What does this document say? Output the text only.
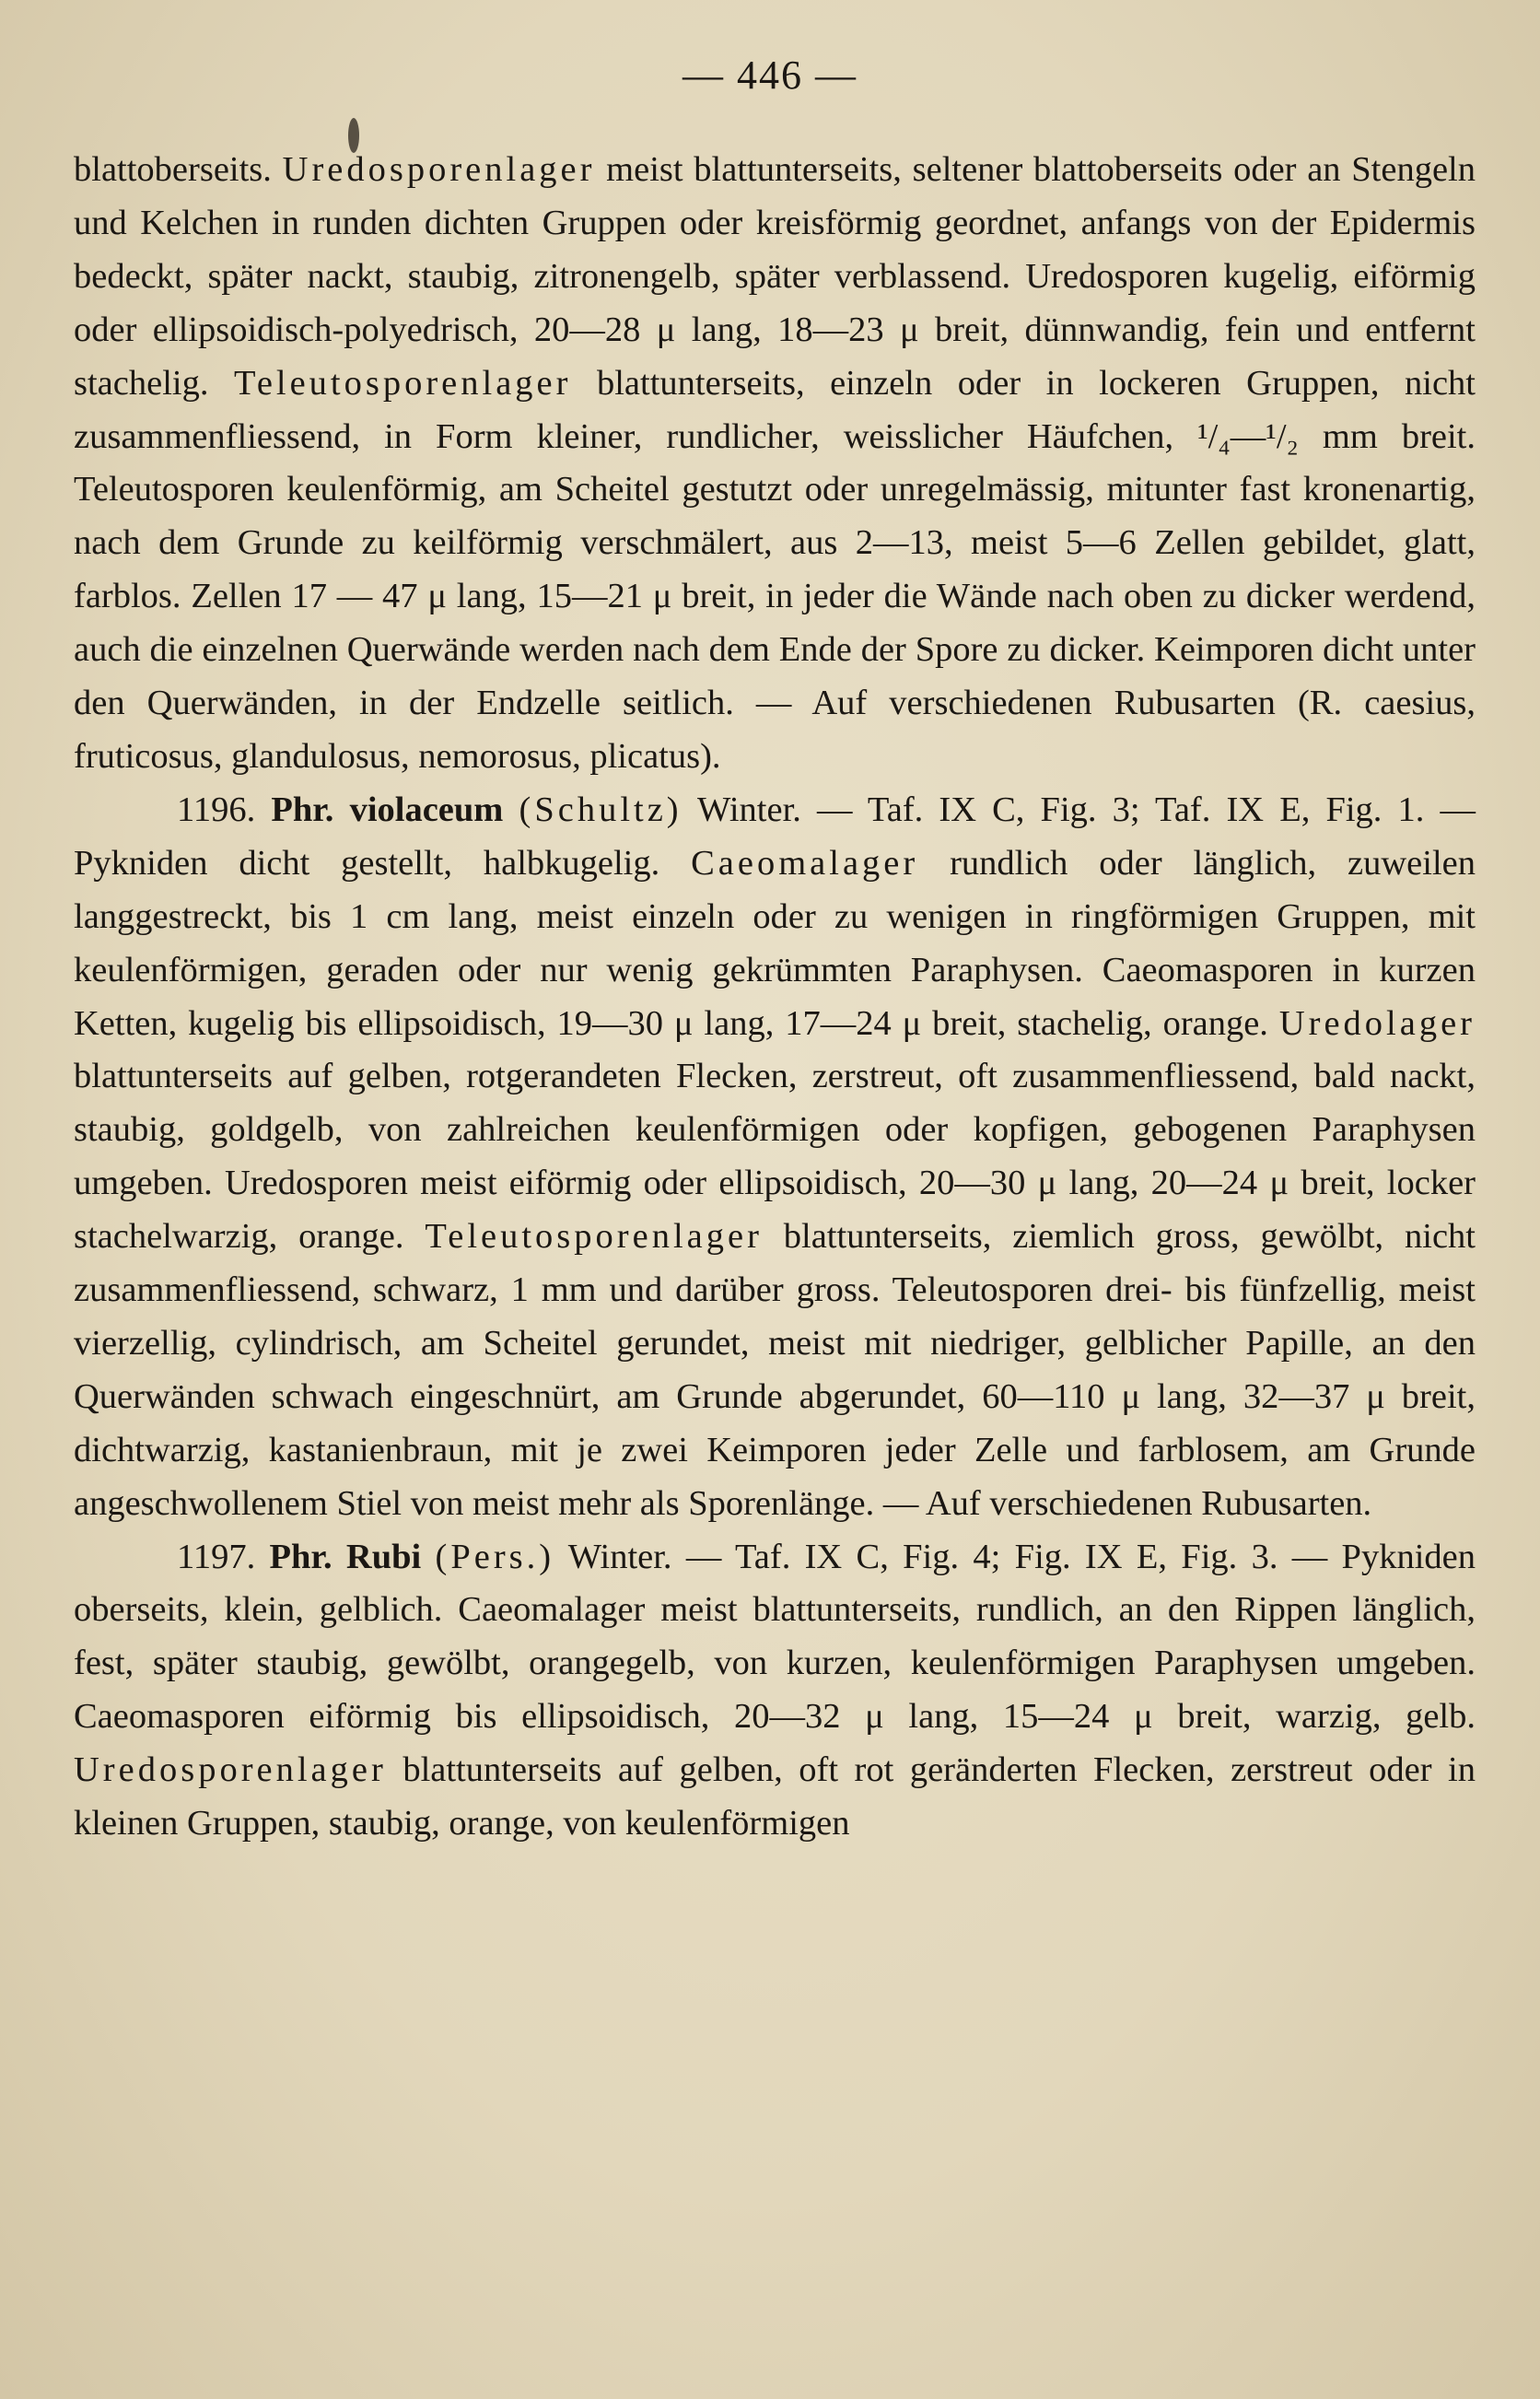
— 446 —

blattoberseits. Uredosporenlager meist blattunterseits, seltener blattoberseits oder an Stengeln und Kelchen in runden dichten Gruppen oder kreisförmig geordnet, anfangs von der Epidermis bedeckt, später nackt, staubig, zitronengelb, später verblassend. Uredosporen kugelig, eiförmig oder ellipsoidisch-polyedrisch, 20—28 μ lang, 18—23 μ breit, dünnwandig, fein und entfernt stachelig. Teleutosporenlager blattunterseits, einzeln oder in lockeren Gruppen, nicht zusammenfliessend, in Form kleiner, rundlicher, weisslicher Häufchen, ¹/₄—¹/₂ mm breit. Teleutosporen keulenförmig, am Scheitel gestutzt oder unregelmässig, mitunter fast kronenartig, nach dem Grunde zu keilförmig verschmälert, aus 2—13, meist 5—6 Zellen gebildet, glatt, farblos. Zellen 17 — 47 μ lang, 15—21 μ breit, in jeder die Wände nach oben zu dicker werdend, auch die einzelnen Querwände werden nach dem Ende der Spore zu dicker. Keimporen dicht unter den Querwänden, in der Endzelle seitlich. — Auf verschiedenen Rubusarten (R. caesius, fruticosus, glandulosus, nemorosus, plicatus).

1196. Phr. violaceum (Schultz) Winter. — Taf. IX C, Fig. 3; Taf. IX E, Fig. 1. — Pykniden dicht gestellt, halbkugelig. Caeomalager rundlich oder länglich, zuweilen langgestreckt, bis 1 cm lang, meist einzeln oder zu wenigen in ringförmigen Gruppen, mit keulenförmigen, geraden oder nur wenig gekrümmten Paraphysen. Caeomasporen in kurzen Ketten, kugelig bis ellipsoidisch, 19—30 μ lang, 17—24 μ breit, stachelig, orange. Uredolager blattunterseits auf gelben, rotgerandeten Flecken, zerstreut, oft zusammenfliessend, bald nackt, staubig, goldgelb, von zahlreichen keulenförmigen oder kopfigen, gebogenen Paraphysen umgeben. Uredosporen meist eiförmig oder ellipsoidisch, 20—30 μ lang, 20—24 μ breit, locker stachelwarzig, orange. Teleutosporenlager blattunterseits, ziemlich gross, gewölbt, nicht zusammenfliessend, schwarz, 1 mm und darüber gross. Teleutosporen drei- bis fünfzellig, meist vierzellig, cylindrisch, am Scheitel gerundet, meist mit niedriger, gelblicher Papille, an den Querwänden schwach eingeschnürt, am Grunde abgerundet, 60—110 μ lang, 32—37 μ breit, dichtwarzig, kastanienbraun, mit je zwei Keimporen jeder Zelle und farblosem, am Grunde angeschwollenem Stiel von meist mehr als Sporenlänge. — Auf verschiedenen Rubusarten.

1197. Phr. Rubi (Pers.) Winter. — Taf. IX C, Fig. 4; Fig. IX E, Fig. 3. — Pykniden oberseits, klein, gelblich. Caeomalager meist blattunterseits, rundlich, an den Rippen länglich, fest, später staubig, gewölbt, orangegelb, von kurzen, keulenförmigen Paraphysen umgeben. Caeomasporen eiförmig bis ellipsoidisch, 20—32 μ lang, 15—24 μ breit, warzig, gelb. Uredosporenlager blattunterseits auf gelben, oft rot geränderten Flecken, zerstreut oder in kleinen Gruppen, staubig, orange, von keulenförmigen
